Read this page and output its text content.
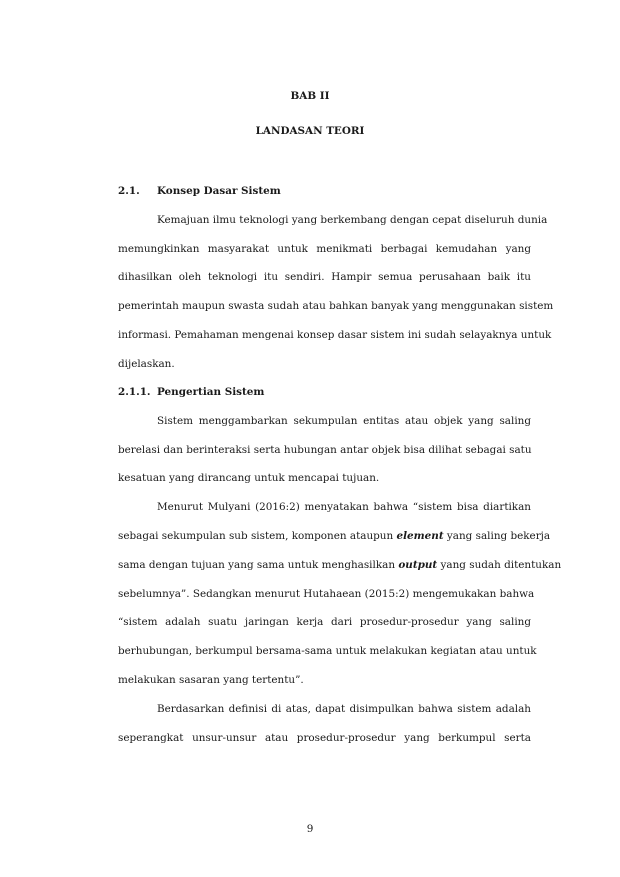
BAB II
LANDASAN TEORI
2.1. Konsep Dasar Sistem
Kemajuan ilmu teknologi yang berkembang dengan cepat diseluruh dunia
memungkinkan masyarakat untuk menikmati berbagai kemudahan yang
dihasilkan oleh teknologi itu sendiri. Hampir semua perusahaan baik itu
pemerintah maupun swasta sudah atau bahkan banyak yang menggunakan sistem
informasi. Pemahaman mengenai konsep dasar sistem ini sudah selayaknya untuk
dijelaskan.
2.1.1. Pengertian Sistem
Sistem menggambarkan sekumpulan entitas atau objek yang saling
berelasi dan berinteraksi serta hubungan antar objek bisa dilihat sebagai satu
kesatuan yang dirancang untuk mencapai tujuan.
Menurut Mulyani (2016:2) menyatakan bahwa “sistem bisa diartikan
sebagai sekumpulan sub sistem, komponen ataupun element yang saling bekerja
sama dengan tujuan yang sama untuk menghasilkan output yang sudah ditentukan
sebelumnya”. Sedangkan menurut Hutahaean (2015:2) mengemukakan bahwa
“sistem adalah suatu jaringan kerja dari prosedur-prosedur yang saling
berhubungan, berkumpul bersama-sama untuk melakukan kegiatan atau untuk
melakukan sasaran yang tertentu”.
Berdasarkan definisi di atas, dapat disimpulkan bahwa sistem adalah
seperangkat unsur-unsur atau prosedur-prosedur yang berkumpul serta
9
